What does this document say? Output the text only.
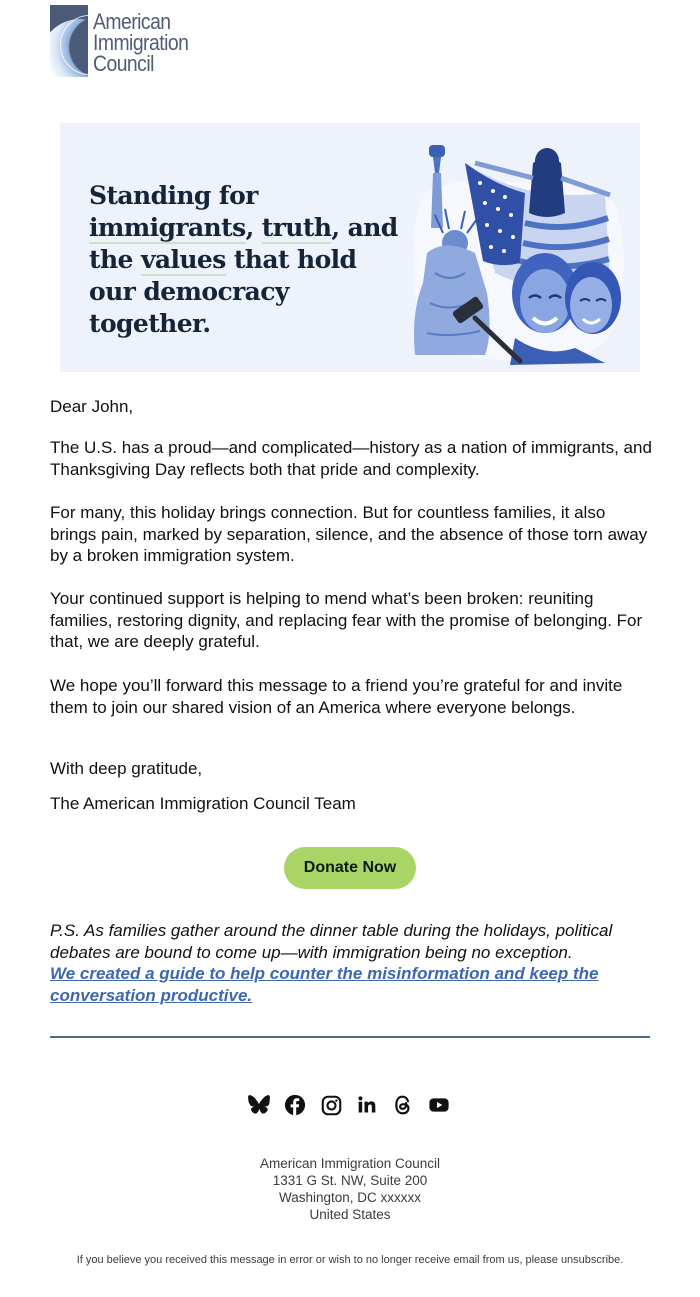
American
Immigration
Council
Standing for immigrants, truth, and the values that hold our democracy together.
Dear John,
The U.S. has a proud—and complicated—history as a nation of immigrants, and Thanksgiving Day reflects both that pride and complexity.
For many, this holiday brings connection. But for countless families, it also brings pain, marked by separation, silence, and the absence of those torn away by a broken immigration system.
Your continued support is helping to mend what’s been broken: reuniting families, restoring dignity, and replacing fear with the promise of belonging. For that, we are deeply grateful.
We hope you’ll forward this message to a friend you’re grateful for and invite them to join our shared vision of an America where everyone belongs.
With deep gratitude,
The American Immigration Council Team
Donate Now
P.S. As families gather around the dinner table during the holidays, political debates are bound to come up—with immigration being no exception.
We created a guide to help counter the misinformation and keep the conversation productive.
American Immigration Council
1331 G St. NW, Suite 200
Washington, DC xxxxxx
United States
If you believe you received this message in error or wish to no longer receive email from us, please unsubscribe.
